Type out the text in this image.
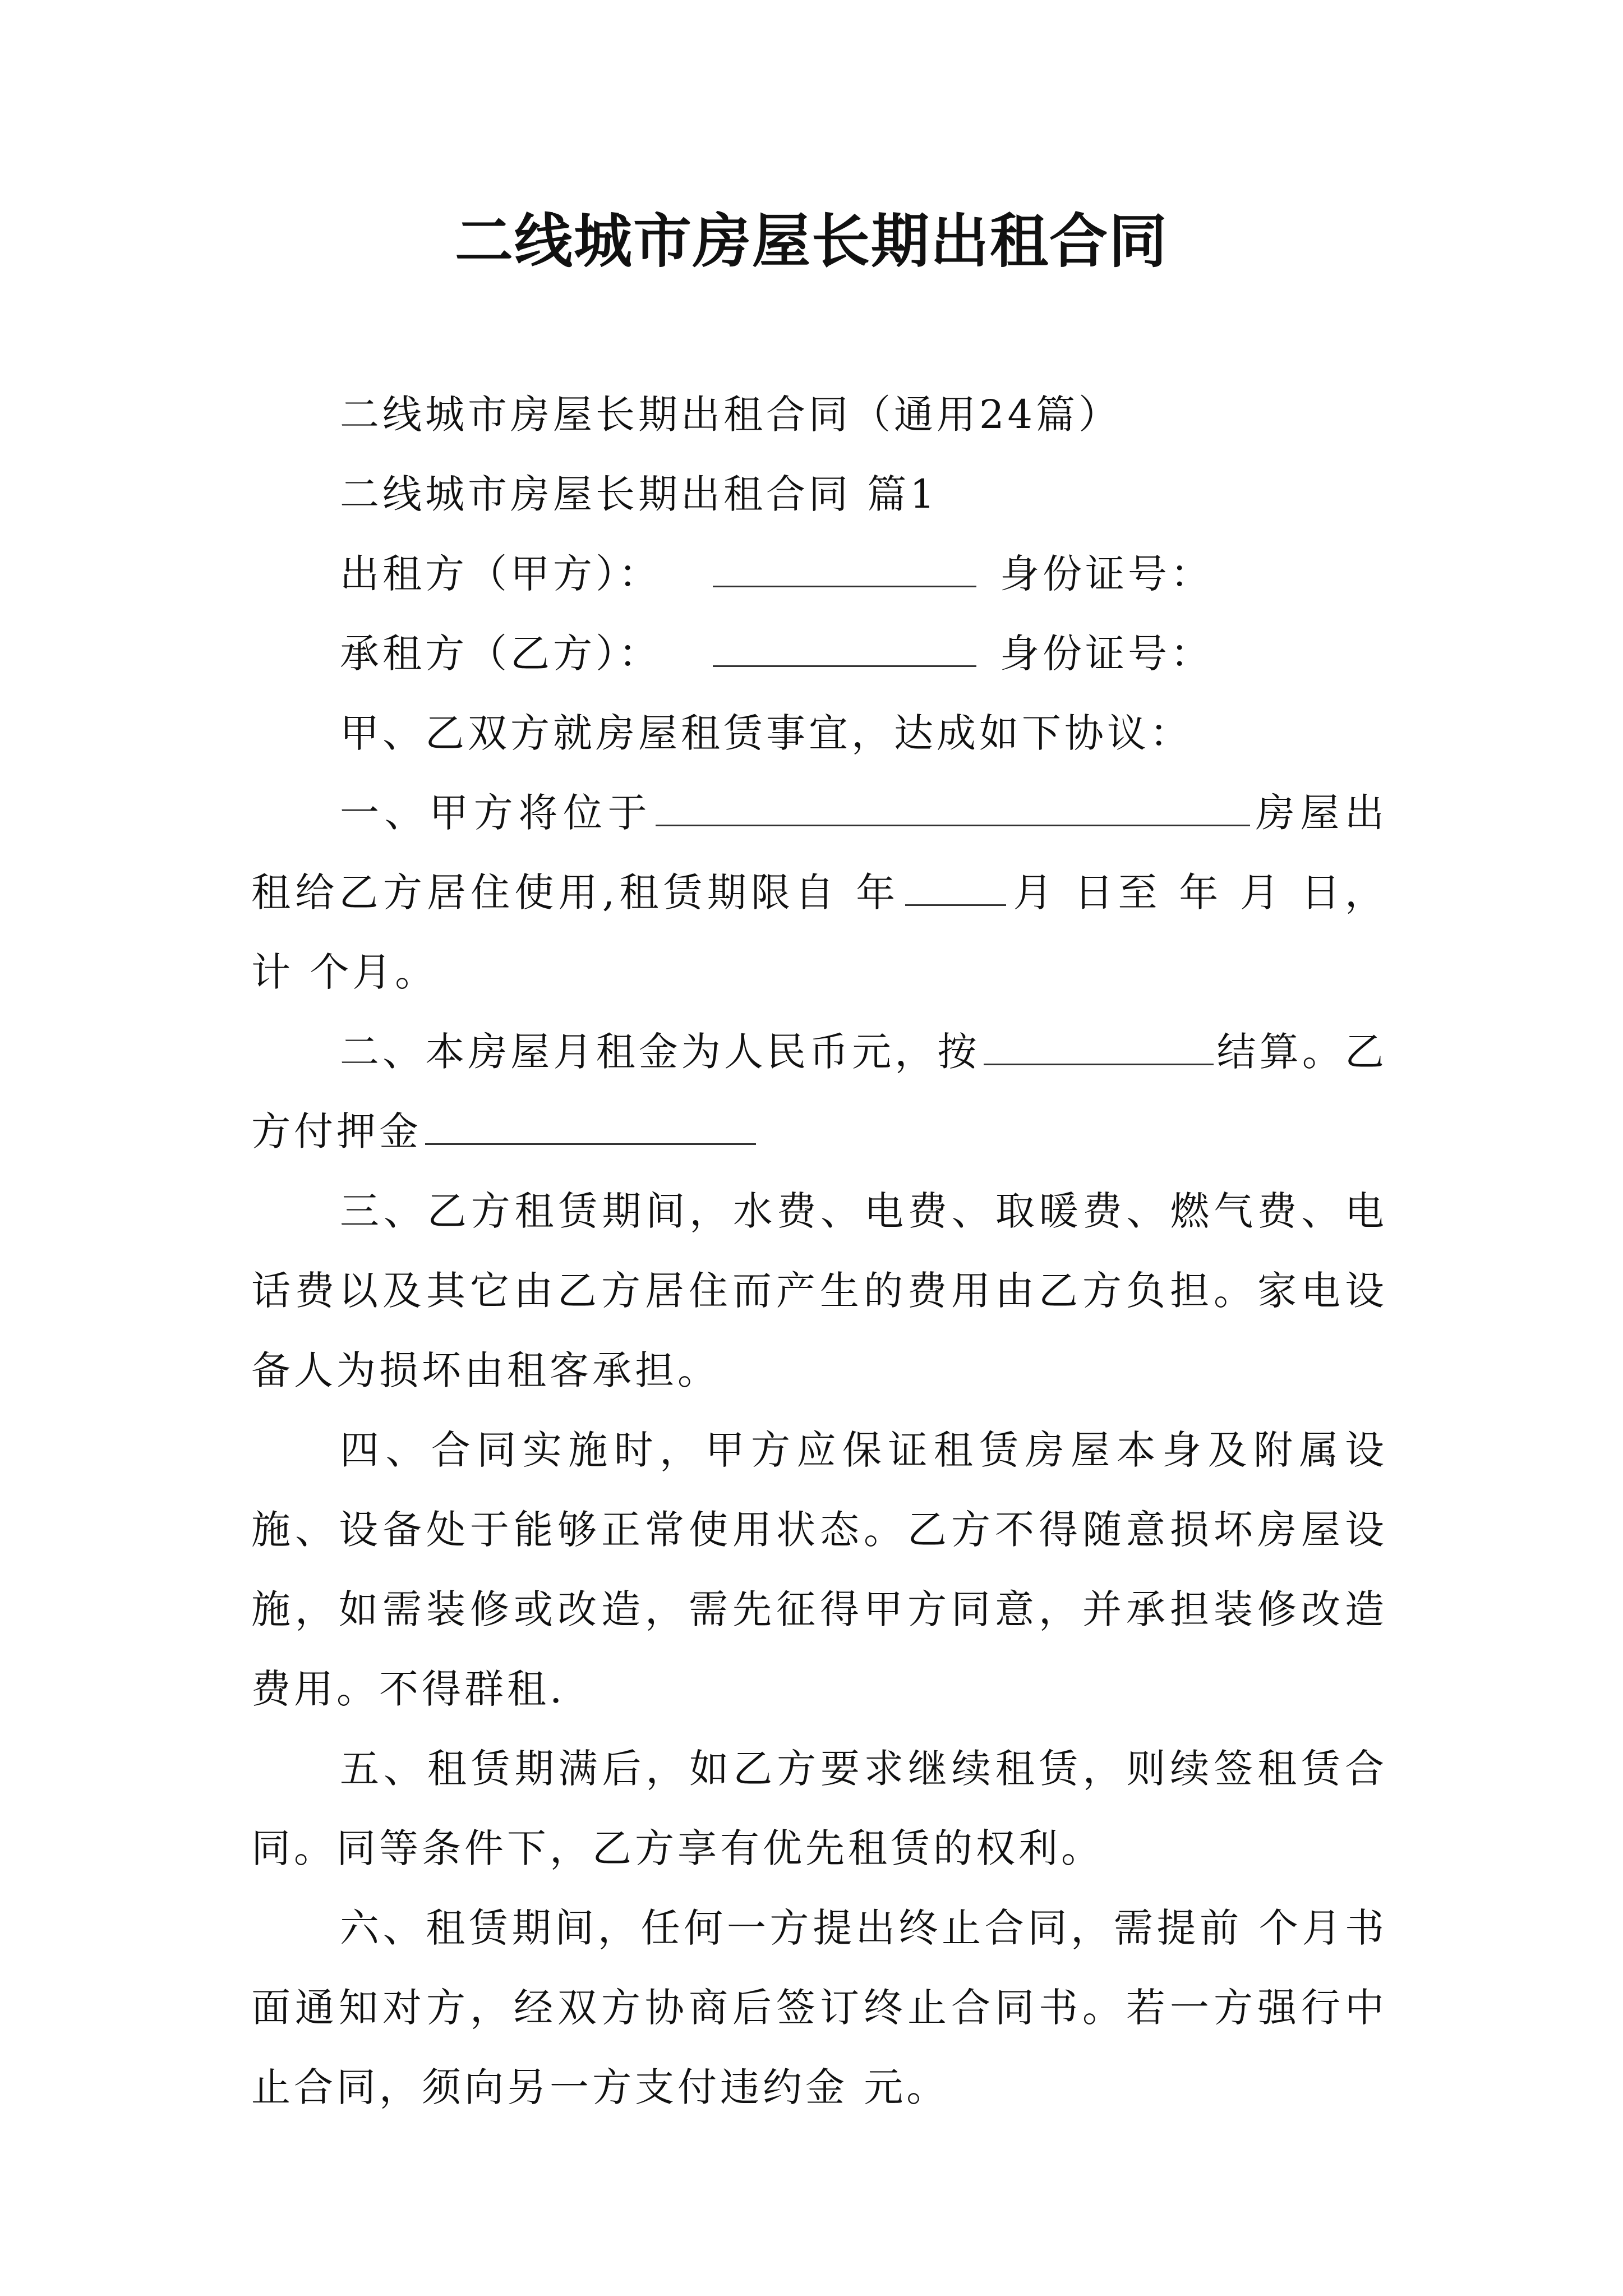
二线城市房屋长期出租合同

二线城市房屋长期出租合同（通用24篇）

二线城市房屋长期出租合同 篇1

出租方（甲方）：	身份证号：

承租方（乙方）：	身份证号：

甲、乙双方就房屋租赁事宜，达成如下协议：

一、甲方将位于	房屋出租给乙方居住使用,租赁期限自 年	月 日至 年 月 日，计 个月。

二、本房屋月租金为人民币元，按	结算。乙方付押金

三、乙方租赁期间，水费、电费、取暖费、燃气费、电话费以及其它由乙方居住而产生的费用由乙方负担。家电设备人为损坏由租客承担。

四、合同实施时，甲方应保证租赁房屋本身及附属设施、设备处于能够正常使用状态。乙方不得随意损坏房屋设施，如需装修或改造，需先征得甲方同意，并承担装修改造费用。不得群租.

五、租赁期满后，如乙方要求继续租赁，则续签租赁合同。同等条件下，乙方享有优先租赁的权利。

六、租赁期间，任何一方提出终止合同，需提前 个月书面通知对方，经双方协商后签订终止合同书。若一方强行中止合同，须向另一方支付违约金 元。
